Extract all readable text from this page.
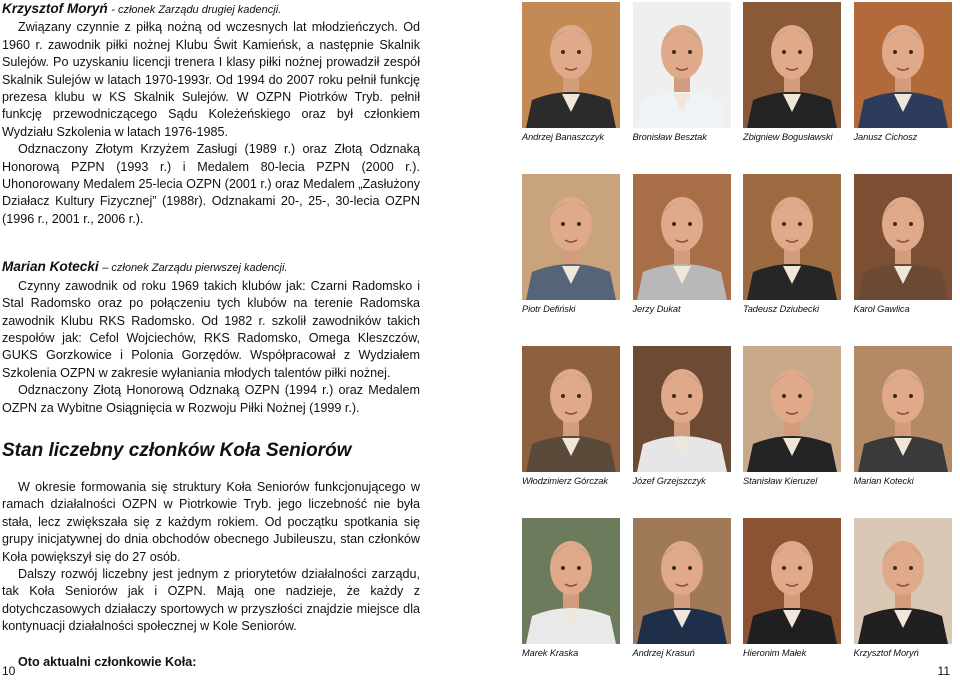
Krzysztof Moryń - członek Zarządu drugiej kadencji.

Związany czynnie z piłką nożną od wczesnych lat młodzieńczych. Od 1960 r. zawodnik piłki nożnej Klubu Świt Kamieńsk, a następnie Skalnik Sulejów. Po uzyskaniu licencji trenera I klasy piłki nożnej prowadził zespół Skalnik Sulejów w latach 1970-1993r. Od 1994 do 2007 roku pełnił funkcję prezesa klubu w KS Skalnik Sulejów. W OZPN Piotrków Tryb. pełnił funkcję przewodniczącego Sądu Koleżeńskiego oraz był członkiem Wydziału Szkolenia w latach 1976-1985.

Odznaczony Złotym Krzyżem Zasługi (1989 r.) oraz Złotą Odznaką Honorową PZPN (1993 r.) i Medalem 80-lecia PZPN (2000 r.). Uhonorowany Medalem 25-lecia OZPN (2001 r.) oraz Medalem „Zasłużony Działacz Kultury Fizycznej” (1988r). Odznakami 20-, 25-, 30-lecia OZPN (1996 r., 2001 r., 2006 r.).

Marian Kotecki – członek Zarządu pierwszej kadencji.

Czynny zawodnik od roku 1969 takich klubów jak: Czarni Radomsko i Stal Radomsko oraz po połączeniu tych klubów na terenie Radomska zawodnik Klubu RKS Radomsko. Od 1982 r. szkolił zawodników takich zespołów jak: Cefol Wojciechów, RKS Radomsko, Omega Kleszczów, GUKS Gorzkowice i Polonia Gorzędów. Współpracował z Wydziałem Szkolenia OZPN w zakresie wyłaniania młodych talentów piłki nożnej.

Odznaczony Złotą Honorową Odznaką OZPN (1994 r.) oraz Medalem OZPN za Wybitne Osiągnięcia w Rozwoju Piłki Nożnej (1999 r.).

Stan liczebny członków Koła Seniorów

W okresie formowania się struktury Koła Seniorów funkcjonującego w ramach działalności OZPN w Piotrkowie Tryb. jego liczebność nie była stała, lecz zwiększała się z każdym rokiem. Od początku spotkania się grupy inicjatywnej do dnia obchodów obecnego Jubileuszu, stan członków Koła powiększył się do 27 osób.

Dalszy rozwój liczebny jest jednym z priorytetów działalności zarządu, tak Koła Seniorów jak i OZPN. Mają one nadzieje, że każdy z dotychczasowych działaczy sportowych w przyszłości znajdzie miejsce dla kontynuacji działalności społecznej w Kole Seniorów.

Oto aktualni członkowie Koła:

Andrzej Banaszczyk	Bronisław Besztak	Zbigniew Bogusławski	Janusz Cichosz
Piotr Defiński	Jerzy Dukat	Tadeusz Dziubecki	Karol Gawlica
Włodzimierz Górczak	Józef Grzejszczyk	Stanisław Kieruzel	Marian Kotecki
Marek Kraska	Andrzej Krasuń	Hieronim Małek	Krzysztof Moryń
10	11
